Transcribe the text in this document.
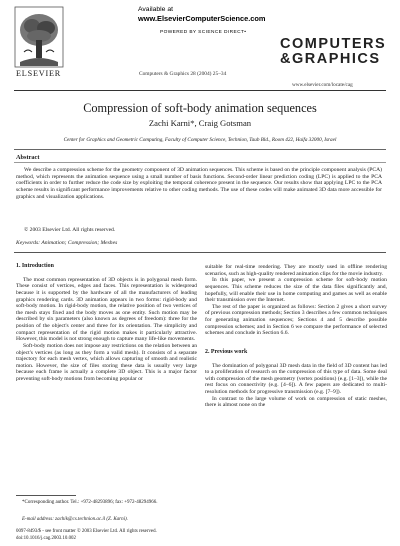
Available at
www.ElsevierComputerScience.com
POWERED BY SCIENCE DIRECT•
ELSEVIER	Computers & Graphics 28 (2004) 25–34
COMPUTERS
&GRAPHICS
www.elsevier.com/locate/cag
Compression of soft-body animation sequences
Zachi Karni*, Craig Gotsman
Center for Graphics and Geometric Computing, Faculty of Computer Science, Technion, Taub Bld., Room 422, Haifa 32000, Israel
Abstract
We describe a compression scheme for the geometry component of 3D animation sequences. This scheme is based on the principle component analysis (PCA) method, which represents the animation sequence using a small number of basis functions. Second-order linear prediction coding (LPC) is applied to the PCA coefficients in order to further reduce the code size by exploiting the temporal coherence present in the sequence. Our results show that applying LPC to the PCA scheme results in significant performance improvements relative to other coding methods. The use of these codes will make animated 3D data more accessible for graphics and visualization applications.
© 2003 Elsevier Ltd. All rights reserved.
Keywords: Animation; Compression; Meshes
1. Introduction

The most common representation of 3D objects is in polygonal mesh form. These consist of vertices, edges and faces. This representation is widespread because it is supported by the hardware of all the manufacturers of leading graphics rendering cards. 3D animation appears in two forms: rigid-body and soft-body motion. In rigid-body motion, the relative position of two vertices of the mesh stays fixed and the body moves as one entity. Such motion may be described by six parameters (also known as degrees of freedom): three for the position of the object's center and three for its orientation. The simplicity and compact representation of the rigid motion makes it particularly attractive. However, this model is not strong enough to capture many life-like movements.

Soft-body motion does not impose any restrictions on the relation between an object's vertices (as long as they form a valid mesh). It consists of a separate trajectory for each mesh vertex, which allows capturing of smooth and realistic motion. However, the size of files storing these data is usually very large because each frame is actually a complete 3D object. This is a major factor preventing soft-body motions from becoming popular or

*Corresponding author. Tel.: +972-48293896; fax: +972-48294966.
E-mail address: zachik@cs.technion.ac.il (Z. Karni).

suitable for real-time rendering. They are mostly used in offline rendering scenarios, such as high-quality rendered animation clips for the movie industry.

In this paper, we present a compression scheme for soft-body motion sequences. This scheme reduces the size of the data files significantly and, hopefully, will enable their use in home computing and games as well as enable their transmission over the Internet.

The rest of the paper is organized as follows: Section 2 gives a short survey of previous compression methods; Section 3 describes a few common techniques for generating animation sequences; Sections 4 and 5 describe possible compression schemes; and in Section 6 we compare the performance of selected schemes and conclude in Section 6.6.

2. Previous work

The domination of polygonal 3D mesh data in the field of 3D content has led to a proliferation of research on the compression of this type of data. Some deal with compression of the mesh geometry (vertex positions) (e.g. [1–3]), while the rest focus on connectivity (e.g. [4–6]). A few papers are dedicated to multi-resolution methods for progressive transmission (e.g. [7–9]).

In contrast to the large volume of work on compression of static meshes, there is almost none on the

0097-8493/$ - see front matter © 2003 Elsevier Ltd. All rights reserved.
doi:10.1016/j.cag.2003.10.002
